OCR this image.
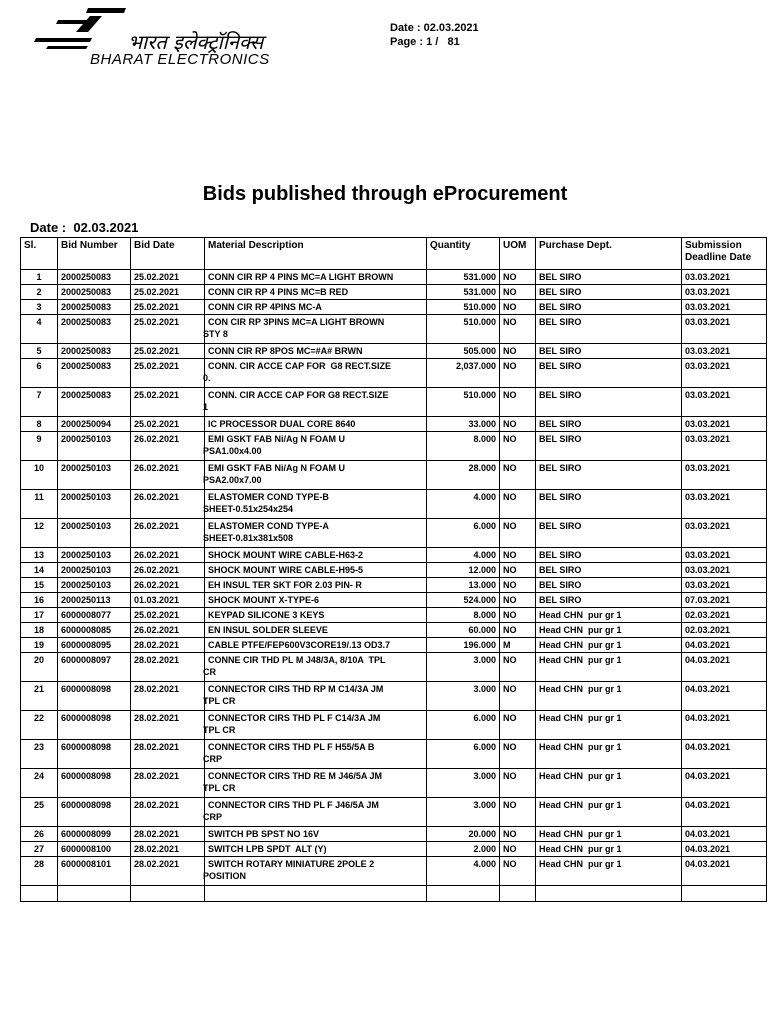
भारत इलेक्ट्रॉनिक्स
BHARAT ELECTRONICS
Date : 02.03.2021
Page : 1 /   81
Bids published through eProcurement
Date :  02.03.2021
Sl.	Bid Number	Bid Date	Material Description	Quantity	UOM	Purchase Dept.	Submission Deadline Date
1	2000250083	25.02.2021	CONN CIR RP 4 PINS MC=A LIGHT BROWN	531.000	NO	BEL SIRO	03.03.2021
2	2000250083	25.02.2021	CONN CIR RP 4 PINS MC=B RED	531.000	NO	BEL SIRO	03.03.2021
3	2000250083	25.02.2021	CONN CIR RP 4PINS MC-A	510.000	NO	BEL SIRO	03.03.2021
4	2000250083	25.02.2021	CON CIR RP 3PINS MC=A LIGHT BROWN
STY 8	510.000	NO	BEL SIRO	03.03.2021
5	2000250083	25.02.2021	CONN CIR RP 8POS MC=#A# BRWN	505.000	NO	BEL SIRO	03.03.2021
6	2000250083	25.02.2021	CONN. CIR ACCE CAP FOR  G8 RECT.SIZE
0.	2,037.000	NO	BEL SIRO	03.03.2021
7	2000250083	25.02.2021	CONN. CIR ACCE CAP FOR G8 RECT.SIZE
1	510.000	NO	BEL SIRO	03.03.2021
8	2000250094	25.02.2021	IC PROCESSOR DUAL CORE 8640	33.000	NO	BEL SIRO	03.03.2021
9	2000250103	26.02.2021	EMI GSKT FAB Ni/Ag N FOAM U
PSA1.00x4.00	8.000	NO	BEL SIRO	03.03.2021
10	2000250103	26.02.2021	EMI GSKT FAB Ni/Ag N FOAM U
PSA2.00x7.00	28.000	NO	BEL SIRO	03.03.2021
11	2000250103	26.02.2021	ELASTOMER COND TYPE-B
SHEET-0.51x254x254	4.000	NO	BEL SIRO	03.03.2021
12	2000250103	26.02.2021	ELASTOMER COND TYPE-A
SHEET-0.81x381x508	6.000	NO	BEL SIRO	03.03.2021
13	2000250103	26.02.2021	SHOCK MOUNT WIRE CABLE-H63-2	4.000	NO	BEL SIRO	03.03.2021
14	2000250103	26.02.2021	SHOCK MOUNT WIRE CABLE-H95-5	12.000	NO	BEL SIRO	03.03.2021
15	2000250103	26.02.2021	EH INSUL TER SKT FOR 2.03 PIN- R	13.000	NO	BEL SIRO	03.03.2021
16	2000250113	01.03.2021	SHOCK MOUNT X-TYPE-6	524.000	NO	BEL SIRO	07.03.2021
17	6000008077	25.02.2021	KEYPAD SILICONE 3 KEYS	8.000	NO	Head CHN  pur gr 1	02.03.2021
18	6000008085	26.02.2021	EN INSUL SOLDER SLEEVE	60.000	NO	Head CHN  pur gr 1	02.03.2021
19	6000008095	28.02.2021	CABLE PTFE/FEP600V3CORE19/.13 OD3.7	196.000	M	Head CHN  pur gr 1	04.03.2021
20	6000008097	28.02.2021	CONNE CIR THD PL M J48/3A, 8/10A  TPL
CR	3.000	NO	Head CHN  pur gr 1	04.03.2021
21	6000008098	28.02.2021	CONNECTOR CIRS THD RP M C14/3A JM
TPL CR	3.000	NO	Head CHN  pur gr 1	04.03.2021
22	6000008098	28.02.2021	CONNECTOR CIRS THD PL F C14/3A JM
TPL CR	6.000	NO	Head CHN  pur gr 1	04.03.2021
23	6000008098	28.02.2021	CONNECTOR CIRS THD PL F H55/5A B
CRP	6.000	NO	Head CHN  pur gr 1	04.03.2021
24	6000008098	28.02.2021	CONNECTOR CIRS THD RE M J46/5A JM
TPL CR	3.000	NO	Head CHN  pur gr 1	04.03.2021
25	6000008098	28.02.2021	CONNECTOR CIRS THD PL F J46/5A JM
CRP	3.000	NO	Head CHN  pur gr 1	04.03.2021
26	6000008099	28.02.2021	SWITCH PB SPST NO 16V	20.000	NO	Head CHN  pur gr 1	04.03.2021
27	6000008100	28.02.2021	SWITCH LPB SPDT  ALT (Y)	2.000	NO	Head CHN  pur gr 1	04.03.2021
28	6000008101	28.02.2021	SWITCH ROTARY MINIATURE 2POLE 2
POSITION	4.000	NO	Head CHN  pur gr 1	04.03.2021
